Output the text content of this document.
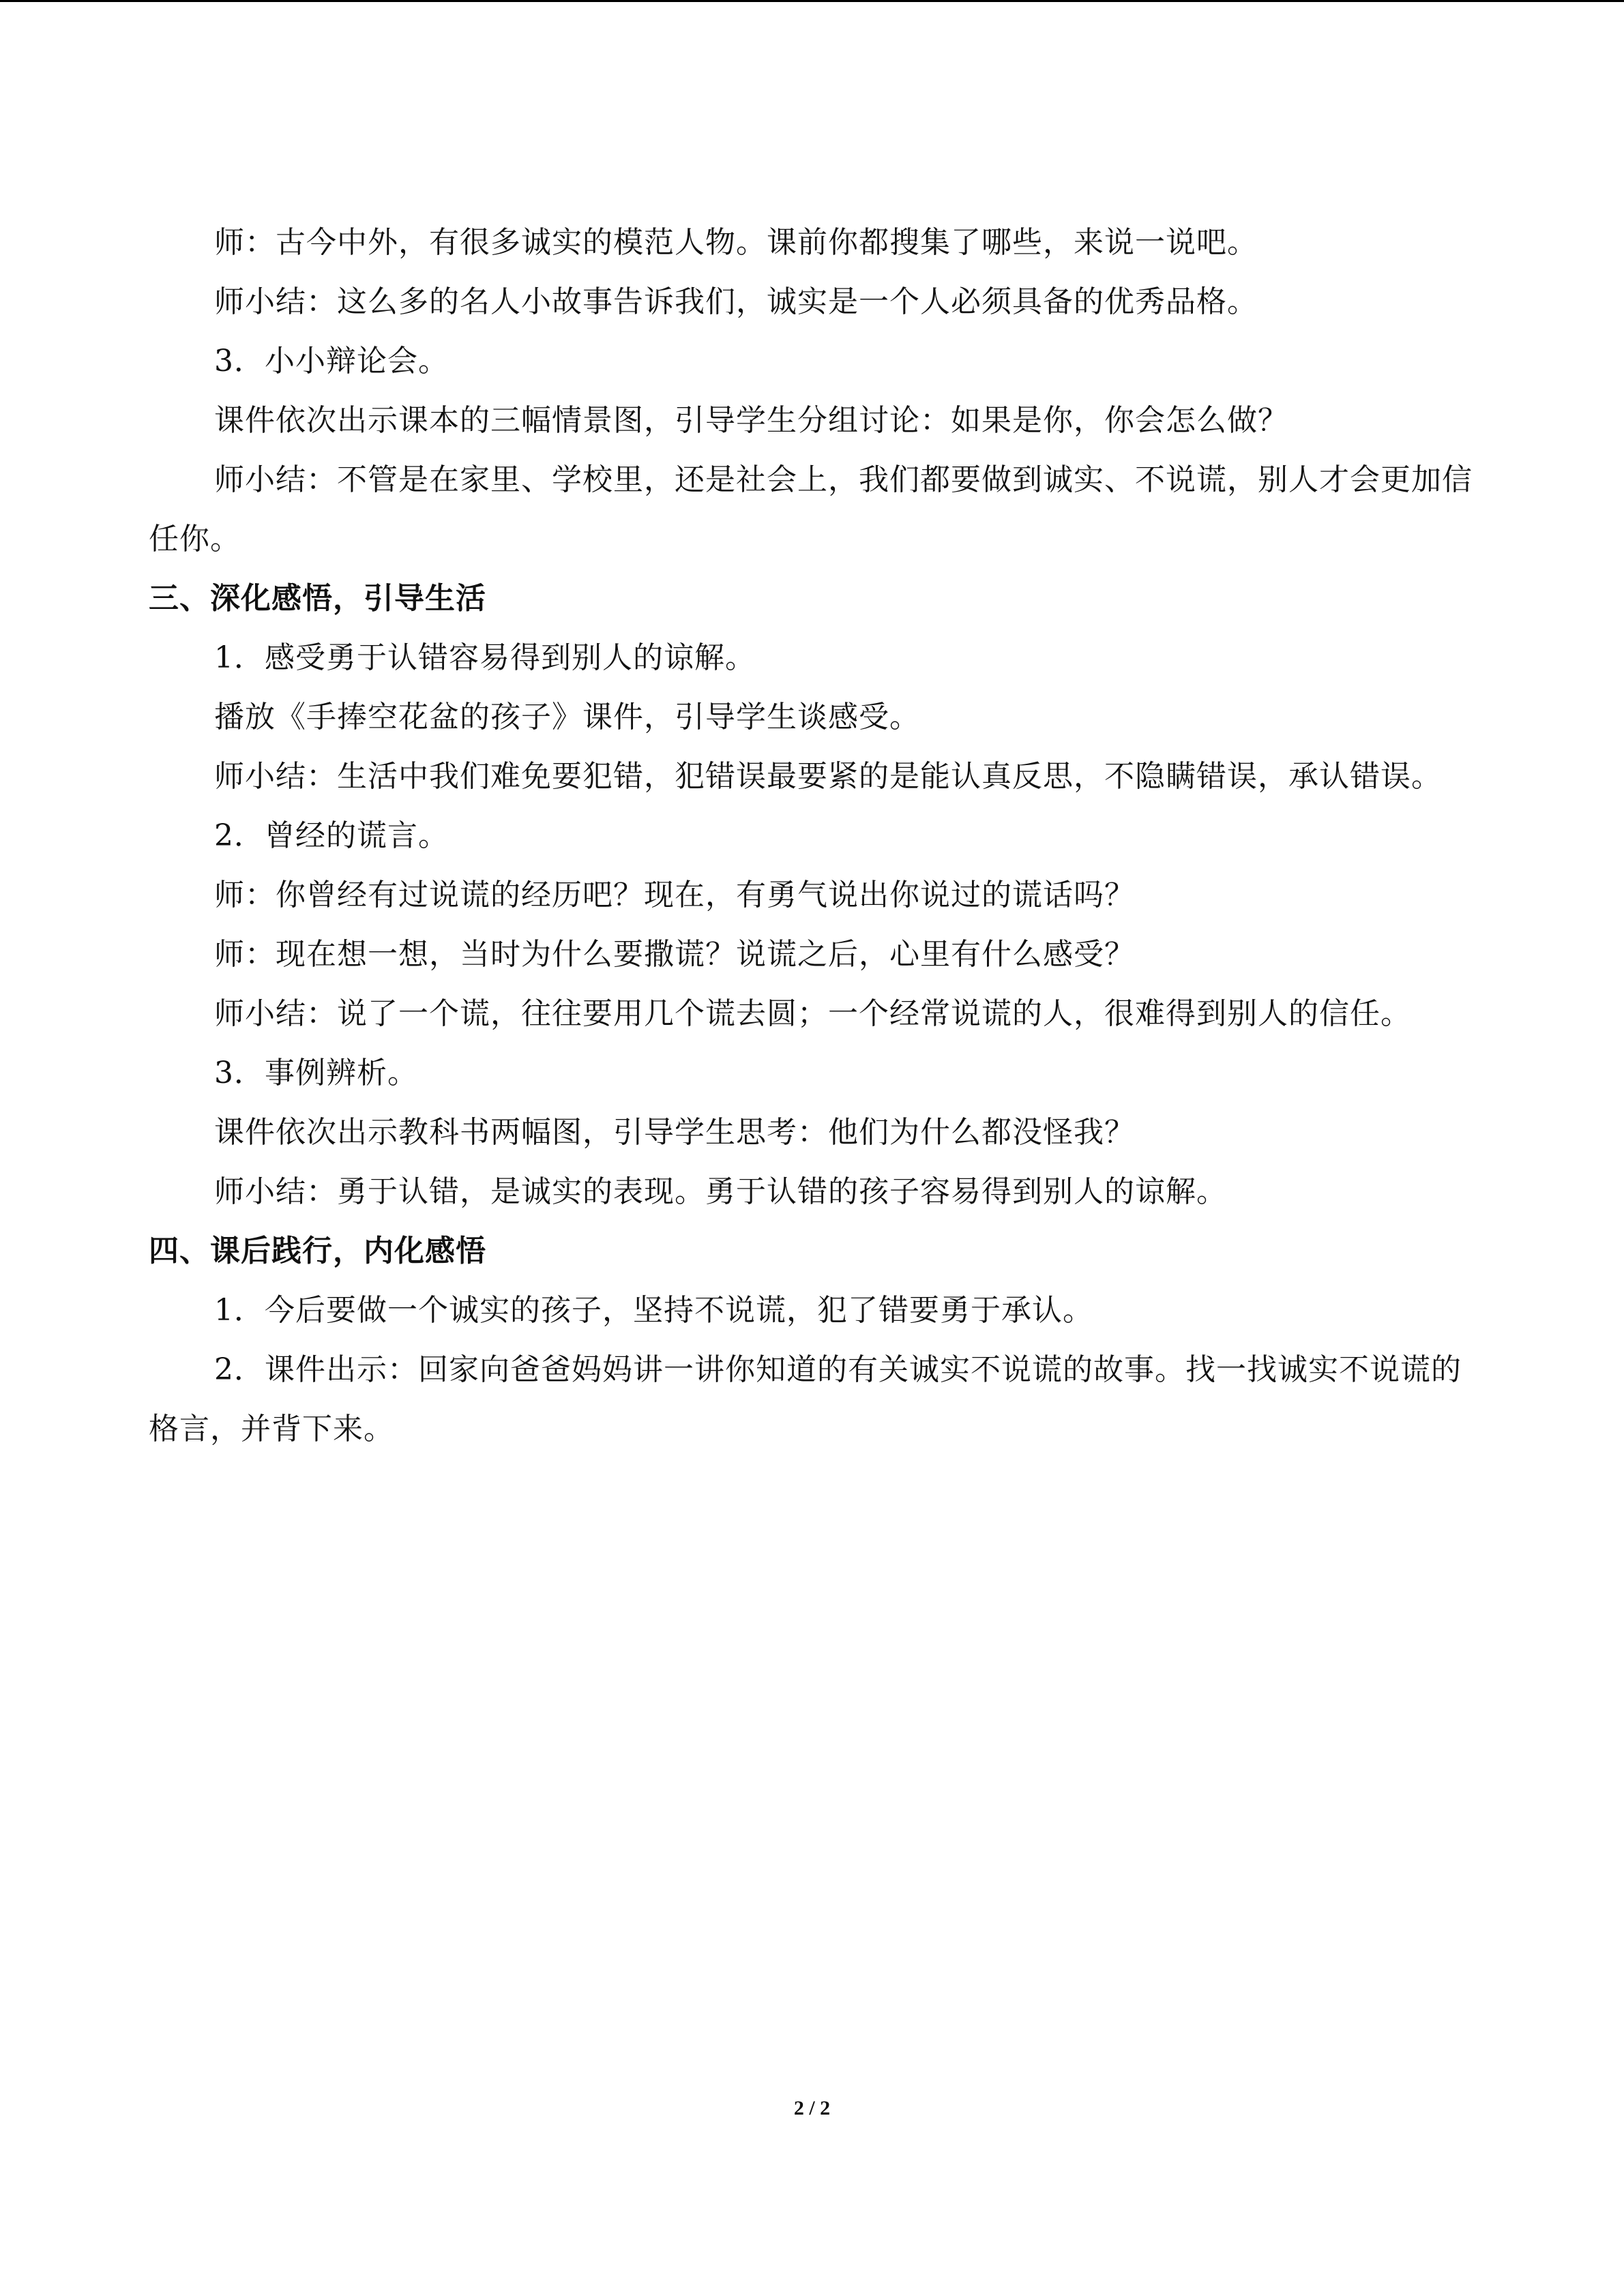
师：古今中外，有很多诚实的模范人物。课前你都搜集了哪些，来说一说吧。

师小结：这么多的名人小故事告诉我们，诚实是一个人必须具备的优秀品格。

3．小小辩论会。

课件依次出示课本的三幅情景图，引导学生分组讨论：如果是你，你会怎么做？

师小结：不管是在家里、学校里，还是社会上，我们都要做到诚实、不说谎，别人才会更加信任你。

三、深化感悟，引导生活

1．感受勇于认错容易得到别人的谅解。

播放《手捧空花盆的孩子》课件，引导学生谈感受。

师小结：生活中我们难免要犯错，犯错误最要紧的是能认真反思，不隐瞒错误，承认错误。

2．曾经的谎言。

师：你曾经有过说谎的经历吧？现在，有勇气说出你说过的谎话吗？

师：现在想一想，当时为什么要撒谎？说谎之后，心里有什么感受？

师小结：说了一个谎，往往要用几个谎去圆；一个经常说谎的人，很难得到别人的信任。

3．事例辨析。

课件依次出示教科书两幅图，引导学生思考：他们为什么都没怪我？

师小结：勇于认错，是诚实的表现。勇于认错的孩子容易得到别人的谅解。

四、课后践行，内化感悟

1．今后要做一个诚实的孩子，坚持不说谎，犯了错要勇于承认。

2．课件出示：回家向爸爸妈妈讲一讲你知道的有关诚实不说谎的故事。找一找诚实不说谎的格言，并背下来。

2 / 2
